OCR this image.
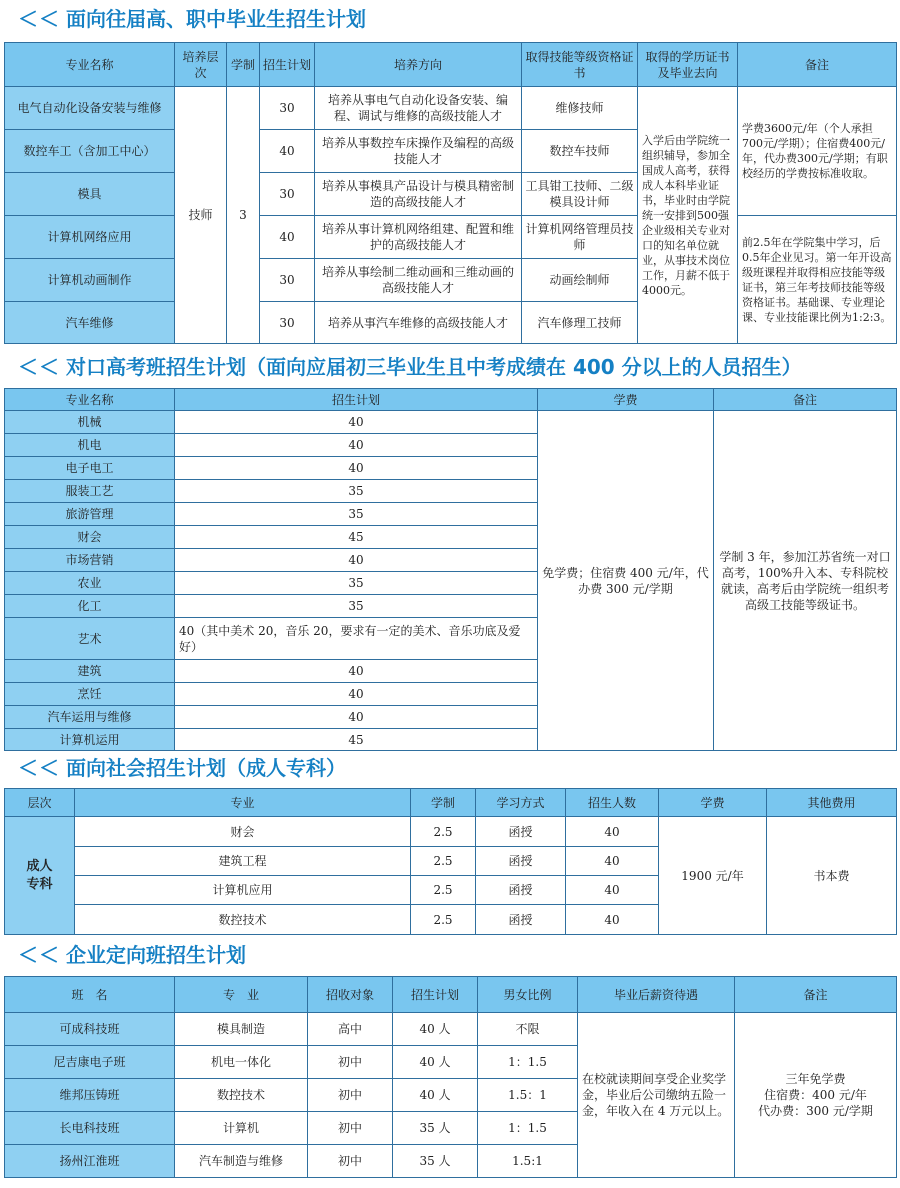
＜＜ 面向往届高、职中毕业生招生计划
专业名称	培养层次	学制	招生计划	培养方向	取得技能等级资格证书	取得的学历证书及毕业去向	备注
电气自动化设备安装与维修	技师	3	30	培养从事电气自动化设备安装、编程、调试与维修的高级技能人才	维修技师	入学后由学院统一组织辅导，参加全国成人高考，获得成人本科毕业证书，毕业时由学院统一安排到500强企业级相关专业对口的知名单位就业，从事技术岗位工作，月薪不低于4000元。	学费3600元/年（个人承担700元/学期）；住宿费400元/年，代办费300元/学期；有职校经历的学费按标准收取。
数控车工（含加工中心）			40	培养从事数控车床操作及编程的高级技能人才	数控车技师		
模具			30	培养从事模具产品设计与模具精密制造的高级技能人才	工具钳工技师、二级模具设计师		
计算机网络应用			40	培养从事计算机网络组建、配置和维护的高级技能人才	计算机网络管理员技师		前2.5年在学院集中学习，后0.5年企业见习。第一年开设高级班课程并取得相应技能等级证书，第三年考技师技能等级资格证书。基础课、专业理论课、专业技能课比例为1:2:3。
计算机动画制作			30	培养从事绘制二维动画和三维动画的高级技能人才	动画绘制师		
汽车维修			30	培养从事汽车维修的高级技能人才	汽车修理工技师		
＜＜ 对口高考班招生计划（面向应届初三毕业生且中考成绩在 400 分以上的人员招生）
专业名称	招生计划	学费	备注
机械	40	免学费；住宿费 400 元/年，代办费 300 元/学期	学制 3 年，参加江苏省统一对口高考，100%升入本、专科院校就读，高考后由学院统一组织考高级工技能等级证书。
机电	40		
电子电工	40		
服装工艺	35		
旅游管理	35		
财会	45		
市场营销	40		
农业	35		
化工	35		
艺术	40（其中美术 20，音乐 20，要求有一定的美术、音乐功底及爱好）		
建筑	40		
烹饪	40		
汽车运用与维修	40		
计算机运用	45		
＜＜ 面向社会招生计划（成人专科）
层次	专业	学制	学习方式	招生人数	学费	其他费用
成人专科	财会	2.5	函授	40	1900 元/年	书本费
	建筑工程	2.5	函授	40		
	计算机应用	2.5	函授	40		
	数控技术	2.5	函授	40		
＜＜ 企业定向班招生计划
班　名	专　业	招收对象	招生计划	男女比例	毕业后薪资待遇	备注
可成科技班	模具制造	高中	40 人	不限	在校就读期间享受企业奖学金，毕业后公司缴纳五险一金，年收入在 4 万元以上。	三年免学费
住宿费：400 元/年
代办费：300 元/学期

尼吉康电子班	机电一体化	初中	40 人	1：1.5		
维邦压铸班	数控技术	初中	40 人	1.5：1		
长电科技班	计算机	初中	35 人	1：1.5		
扬州江淮班	汽车制造与维修	初中	35 人	1.5:1		
